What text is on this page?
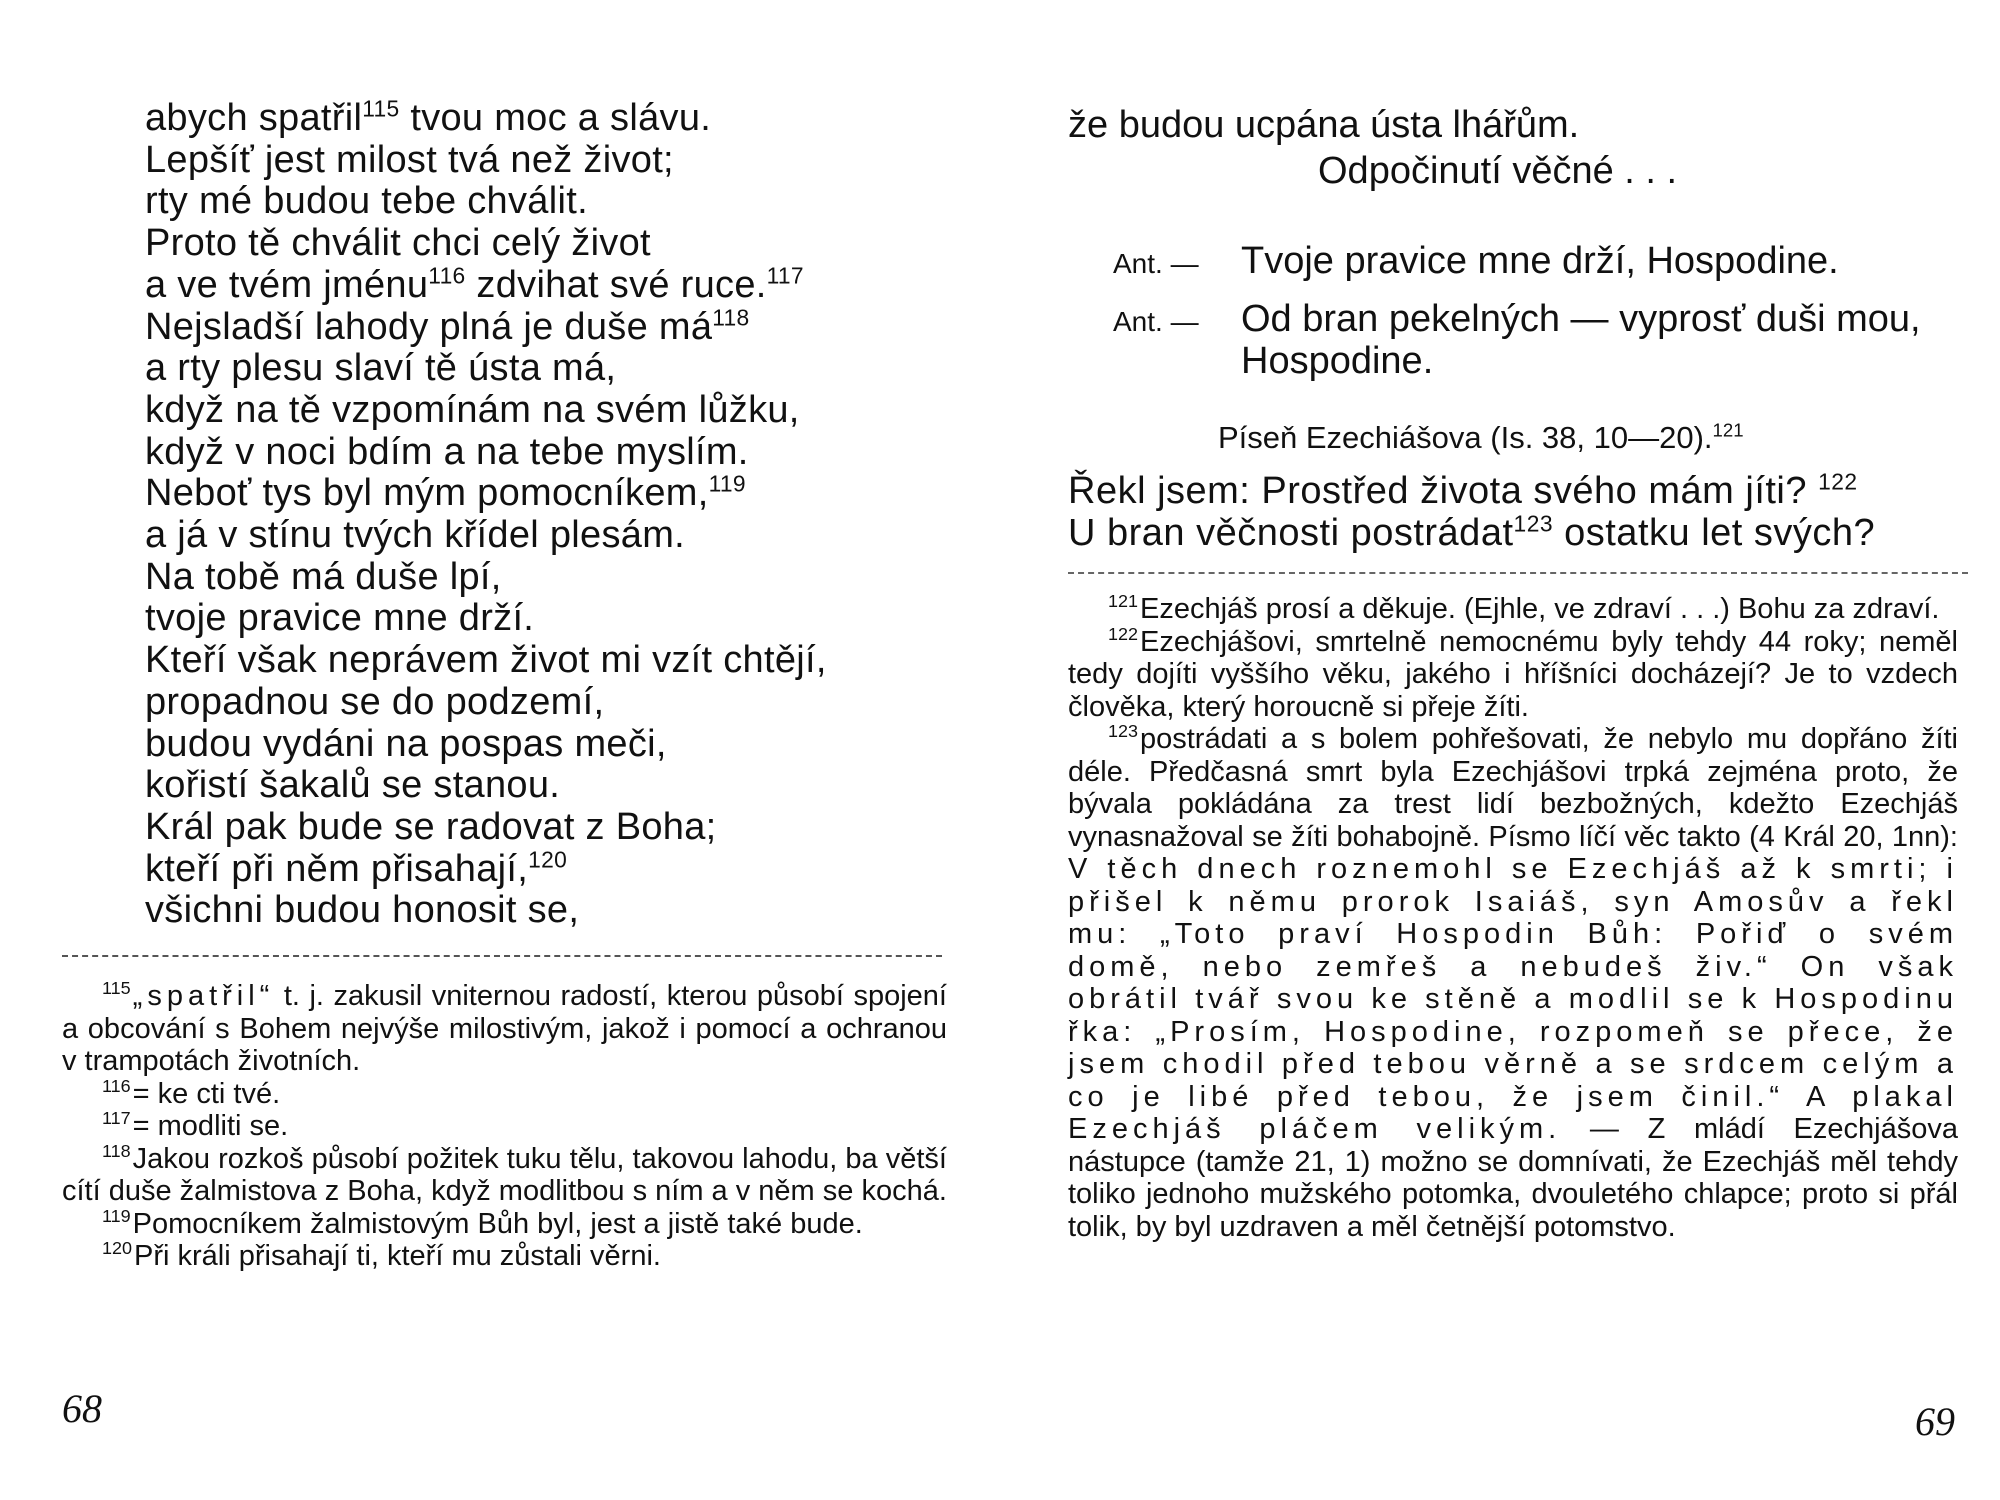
abych spatřil$^{115}$ tvou moc a slávu.
Lepšíť jest milost tvá než život;
rty mé budou tebe chválit.
Proto tě chválit chci celý život
a ve tvém jménu$^{116}$ zdvihat své ruce.$^{117}$
Nejsladší lahody plná je duše $má^{118}$
a rty plesu slaví tě ústa má,
když na tě vzpomínám na svém lůžku,
když v noci bdím a na tebe myslím.
Neboť tys byl mým pomocníkem,$^{119}$
a já v stínu tvých křídel plesám.
Na tobě má duše lpí,
tvoje pravice mne drží.
Kteří však neprávem život mi vzít chtějí,
propadnou se do podzemí,
budou vydáni na pospas meči,
kořistí šakalů se stanou.
Král pak bude se radovat z Boha;
kteří při něm přisahají,$^{120}$
všichni budou honosit se,
$^{115}$„spatřil“ t. j. zakusil vniternou radostí, kterou působí spojení a obcování s Bohem nejvýše milostivým, jakož i pomocí a ochranou v trampotách životních.
$^{116}$= ke cti tvé.
$^{117}$= modliti se.
$^{118}$Jakou rozkoš působí požitek tuku tělu, takovou lahodu, ba větší cítí duše žalmistova z Boha, když modlitbou s ním a v něm se kochá.
$^{119}$Pomocníkem žalmistovým Bůh byl, jest a jistě také bude.
$^{120}$Při králi přisahají ti, kteří mu zůstali věrni.
68
že budou ucpána ústa lhářům.
Odpočinutí věčné . . .
Ant. — Tvoje pravice mne drží, Hospodine.
Ant. — Od bran pekelných — vyprosť duši mou, Hospodine.
Píseň Ezechiášova (Is. 38, 10—20).$^{121}$
Řekl jsem: Prostřed života svého mám jíti? $^{122}$
U bran věčnosti postrádat$^{123}$ ostatku let svých?
$^{121}$Ezechjáš prosí a děkuje. (Ejhle, ve zdraví . . .) Bohu za zdraví.
$^{122}$Ezechjášovi, smrtelně nemocnému byly tehdy 44 roky; neměl tedy dojíti vyššího věku, jakého i hříšníci docházejí? Je to vzdech člověka, který horoucně si přeje žíti.
$^{123}$postrádati a s bolem pohřešovati, že nebylo mu dopřáno žíti déle. Předčasná smrt byla Ezechjášovi trpká zejména proto, že bývala pokládána za trest lidí bezbožných, kdežto Ezechjáš vynasnažoval se žíti bohabojně. Písmo líčí věc takto (4 Král 20, 1nn): V těch dnech roznemohl se Ezechjáš až k smrti; i přišel k němu prorok Isaiáš, syn Amosův a řekl mu: „Toto praví Hospodin Bůh: Pořiď o svém domě, nebo zemřeš a nebudeš živ.“ On však obrátil tvář svou ke stěně a modlil se k Hospodinu řka: „Prosím, Hospodine, rozpomeň se přece, že jsem chodil před tebou věrně a se srdcem celým a co je libé před tebou, že jsem činil.“ A plakal Ezechjáš pláčem velikým. — Z mládí Ezechjášova nástupce (tamže 21, 1) možno se domnívati, že Ezechjáš měl tehdy toliko jednoho mužského potomka, dvouletého chlapce; proto si přál tolik, by byl uzdraven a měl četnější potomstvo.
69
